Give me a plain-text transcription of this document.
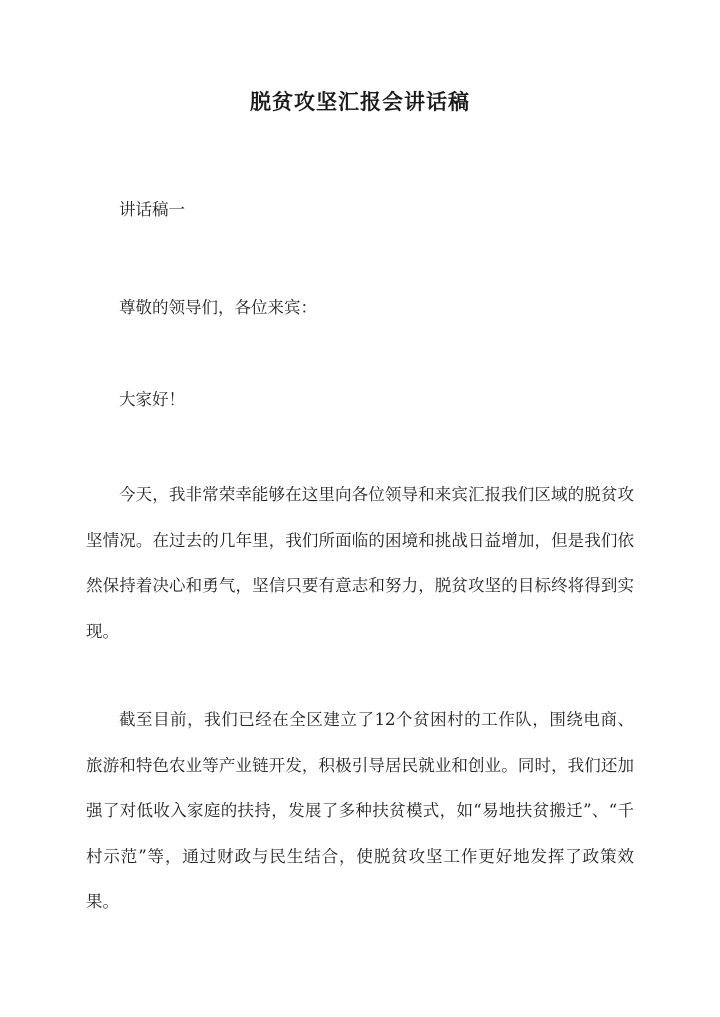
脱贫攻坚汇报会讲话稿
讲话稿一
尊敬的领导们，各位来宾：
大家好！
今天，我非常荣幸能够在这里向各位领导和来宾汇报我们区域的脱贫攻坚情况。在过去的几年里，我们所面临的困境和挑战日益增加，但是我们依然保持着决心和勇气，坚信只要有意志和努力，脱贫攻坚的目标终将得到实现。
截至目前，我们已经在全区建立了12个贫困村的工作队，围绕电商、旅游和特色农业等产业链开发，积极引导居民就业和创业。同时，我们还加强了对低收入家庭的扶持，发展了多种扶贫模式，如“易地扶贫搬迁”、“千村示范”等，通过财政与民生结合，使脱贫攻坚工作更好地发挥了政策效果。
